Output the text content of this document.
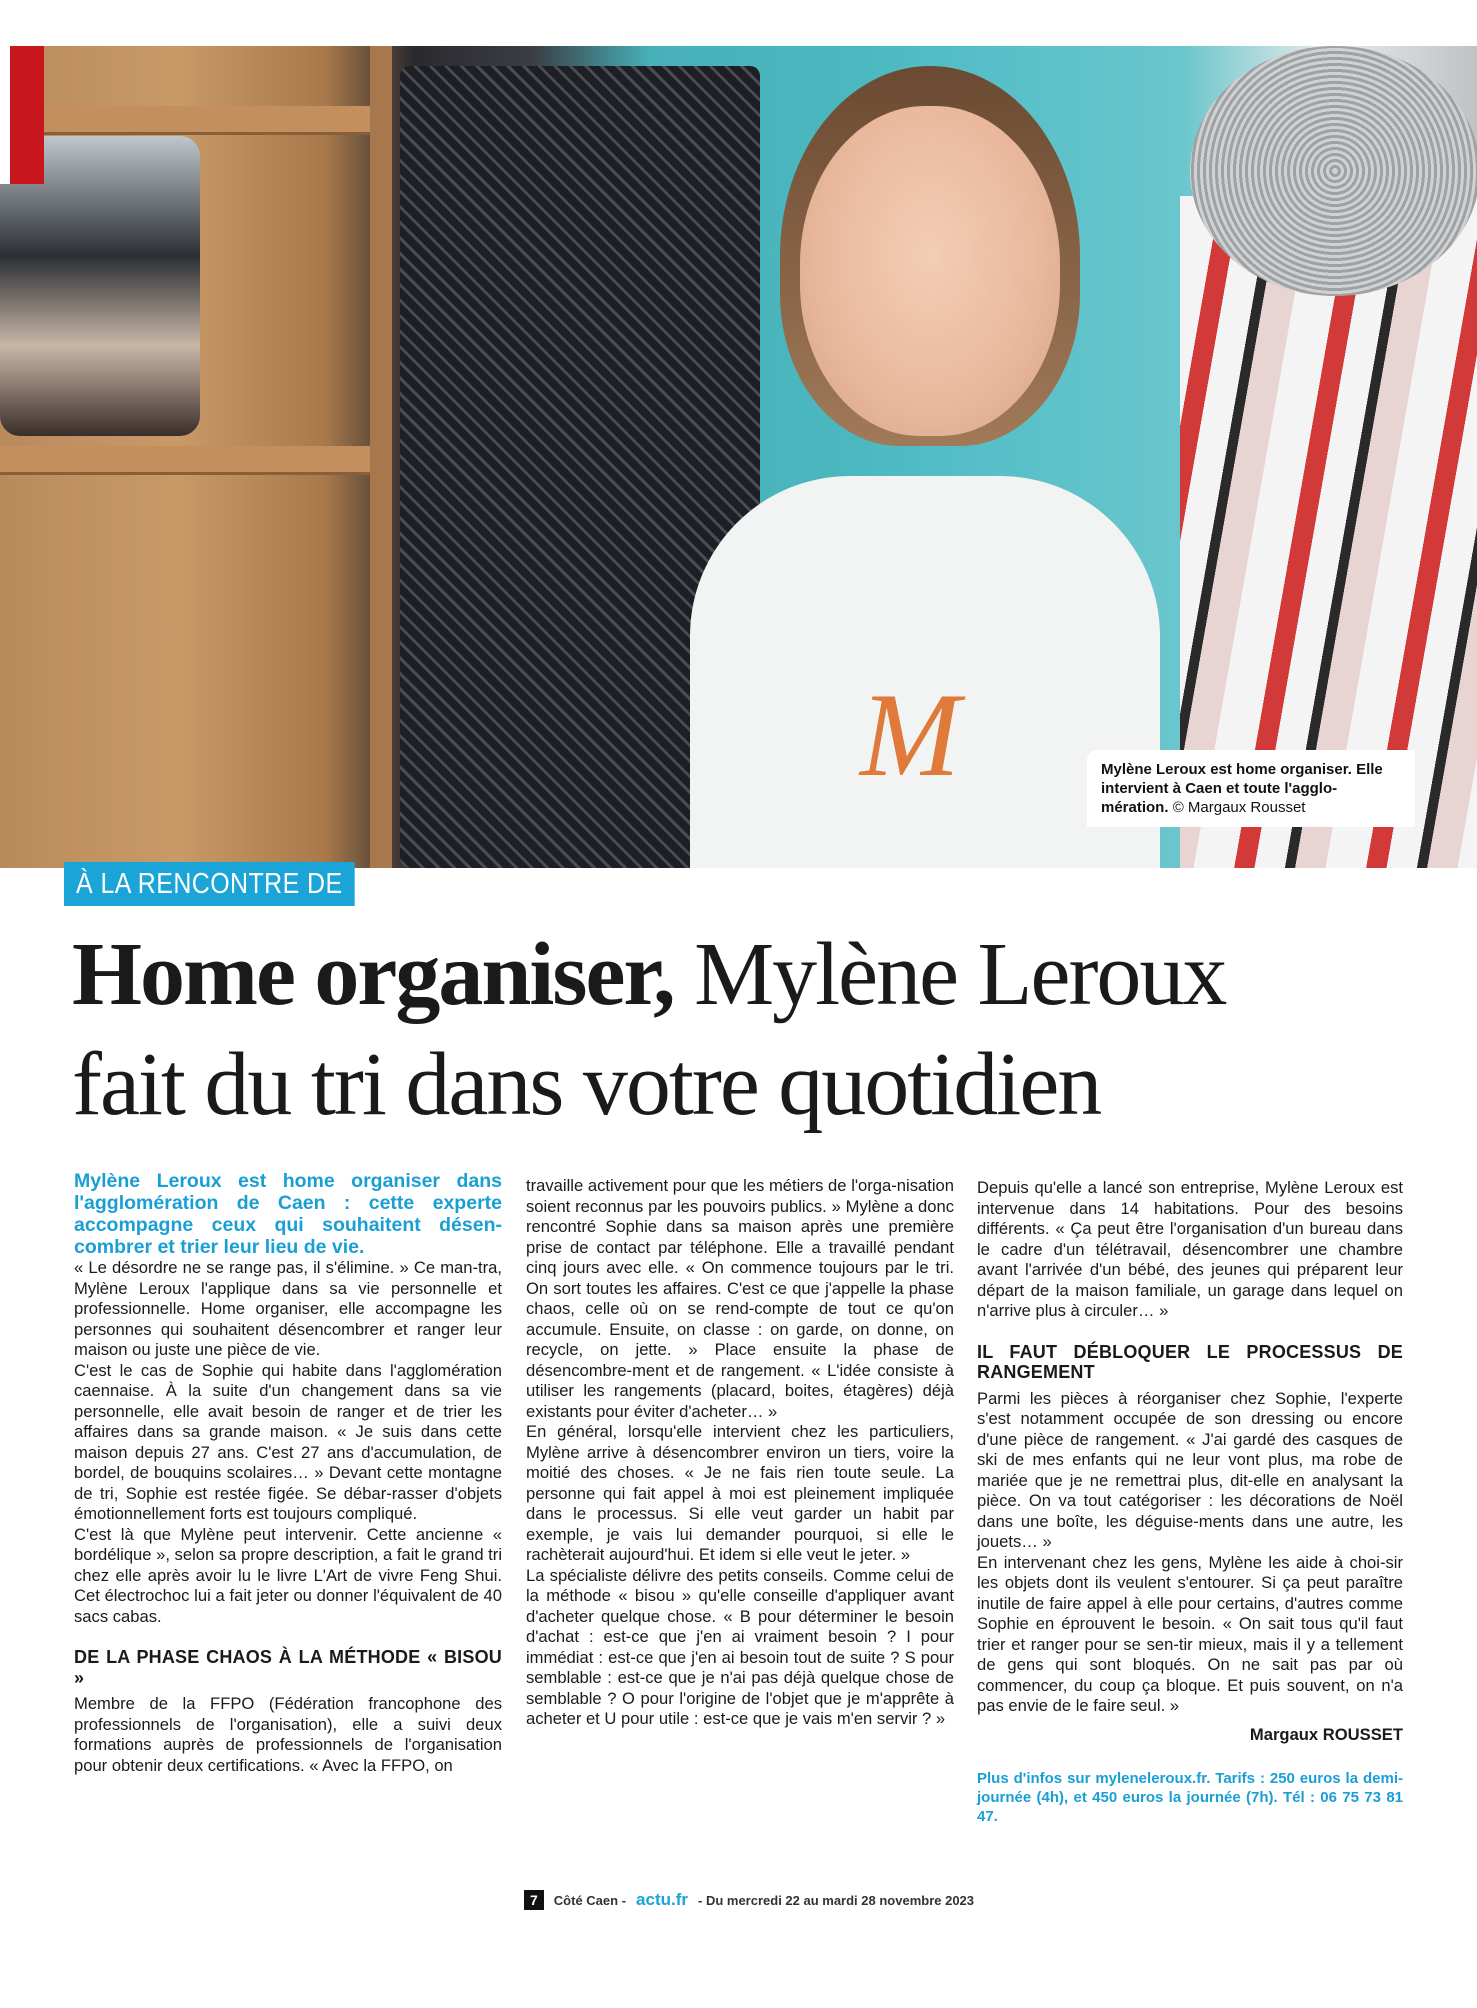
M	Mylène Leroux est home organiser. Elle intervient à Caen et toute l'agglo-mération. © Margaux Rousset
À LA RENCONTRE DE
Home organiser, Mylène Leroux
fait du tri dans votre quotidien

Mylène Leroux est home organiser dans l'agglomération de Caen : cette experte accompagne ceux qui souhaitent désen-combrer et trier leur lieu de vie.

« Le désordre ne se range pas, il s'élimine. » Ce man-tra, Mylène Leroux l'applique dans sa vie personnelle et professionnelle. Home organiser, elle accompagne les personnes qui souhaitent désencombrer et ranger leur maison ou juste une pièce de vie.

C'est le cas de Sophie qui habite dans l'agglomération caennaise. À la suite d'un changement dans sa vie personnelle, elle avait besoin de ranger et de trier les affaires dans sa grande maison. « Je suis dans cette maison depuis 27 ans. C'est 27 ans d'accumulation, de bordel, de bouquins scolaires… » Devant cette montagne de tri, Sophie est restée figée. Se débar-rasser d'objets émotionnellement forts est toujours compliqué.

C'est là que Mylène peut intervenir. Cette ancienne « bordélique », selon sa propre description, a fait le grand tri chez elle après avoir lu le livre L'Art de vivre Feng Shui. Cet électrochoc lui a fait jeter ou donner l'équivalent de 40 sacs cabas.

DE LA PHASE CHAOS À LA MÉTHODE « BISOU »

Membre de la FFPO (Fédération francophone des professionnels de l'organisation), elle a suivi deux formations auprès de professionnels de l'organisation pour obtenir deux certifications. « Avec la FFPO, on

travaille activement pour que les métiers de l'orga-nisation soient reconnus par les pouvoirs publics. » Mylène a donc rencontré Sophie dans sa maison après une première prise de contact par téléphone. Elle a travaillé pendant cinq jours avec elle. « On commence toujours par le tri. On sort toutes les affaires. C'est ce que j'appelle la phase chaos, celle où on se rend-compte de tout ce qu'on accumule. Ensuite, on classe : on garde, on donne, on recycle, on jette. » Place ensuite la phase de désencombre-ment et de rangement. « L'idée consiste à utiliser les rangements (placard, boites, étagères) déjà existants pour éviter d'acheter… »

En général, lorsqu'elle intervient chez les particuliers, Mylène arrive à désencombrer environ un tiers, voire la moitié des choses. « Je ne fais rien toute seule. La personne qui fait appel à moi est pleinement impliquée dans le processus. Si elle veut garder un habit par exemple, je vais lui demander pourquoi, si elle le rachèterait aujourd'hui. Et idem si elle veut le jeter. »

La spécialiste délivre des petits conseils. Comme celui de la méthode « bisou » qu'elle conseille d'appliquer avant d'acheter quelque chose. « B pour déterminer le besoin d'achat : est-ce que j'en ai vraiment besoin ? I pour immédiat : est-ce que j'en ai besoin tout de suite ? S pour semblable : est-ce que je n'ai pas déjà quelque chose de semblable ? O pour l'origine de l'objet que je m'apprête à acheter et U pour utile : est-ce que je vais m'en servir ? »

Depuis qu'elle a lancé son entreprise, Mylène Leroux est intervenue dans 14 habitations. Pour des besoins différents. « Ça peut être l'organisation d'un bureau dans le cadre d'un télétravail, désencombrer une chambre avant l'arrivée d'un bébé, des jeunes qui préparent leur départ de la maison familiale, un garage dans lequel on n'arrive plus à circuler… »

IL FAUT DÉBLOQUER LE PROCESSUS DE RANGEMENT

Parmi les pièces à réorganiser chez Sophie, l'experte s'est notamment occupée de son dressing ou encore d'une pièce de rangement. « J'ai gardé des casques de ski de mes enfants qui ne leur vont plus, ma robe de mariée que je ne remettrai plus, dit-elle en analysant la pièce. On va tout catégoriser : les décorations de Noël dans une boîte, les déguise-ments dans une autre, les jouets… »

En intervenant chez les gens, Mylène les aide à choi-sir les objets dont ils veulent s'entourer. Si ça peut paraître inutile de faire appel à elle pour certains, d'autres comme Sophie en éprouvent le besoin. « On sait tous qu'il faut trier et ranger pour se sen-tir mieux, mais il y a tellement de gens qui sont bloqués. On ne sait pas par où commencer, du coup ça bloque. Et puis souvent, on n'a pas envie de le faire seul. »

Margaux ROUSSET
Plus d'infos sur myleneleroux.fr. Tarifs : 250 euros la demi-journée (4h), et 450 euros la journée (7h). Tél : 06 75 73 81 47.
7	Côté Caen - actu.fr - Du mercredi 22 au mardi 28 novembre 2023
